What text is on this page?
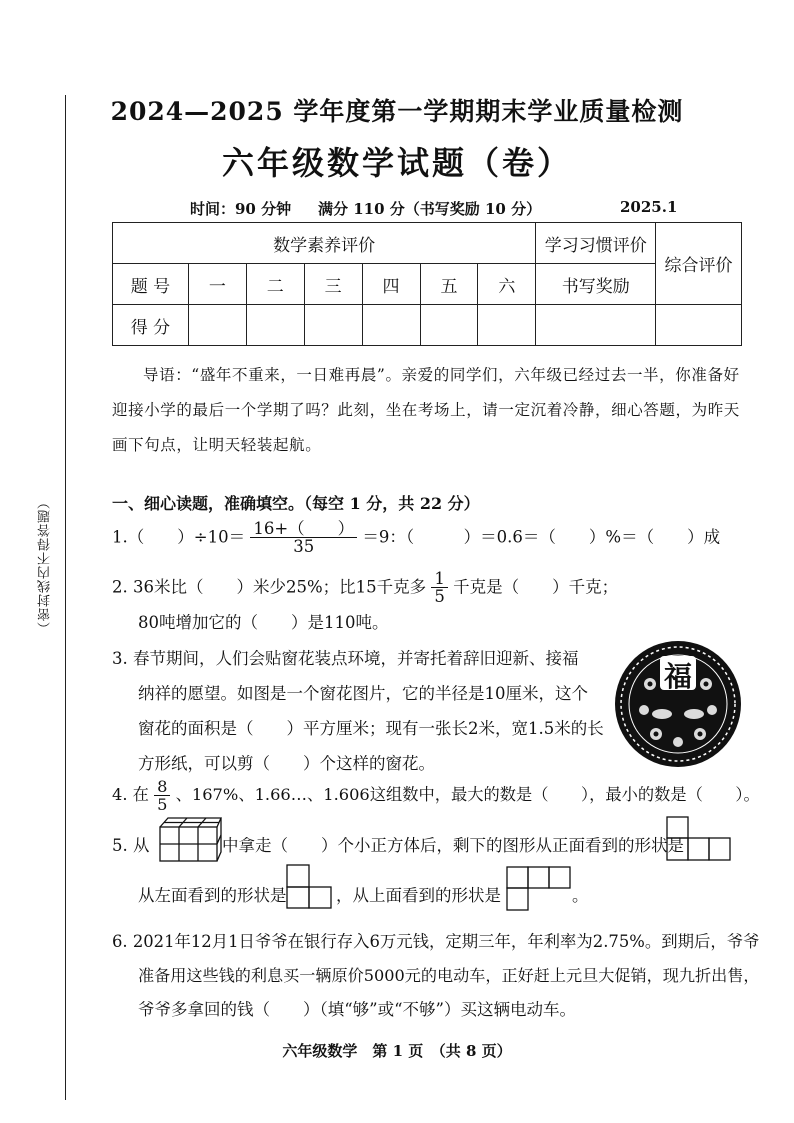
（密封线内不得答题）
2024—2025 学年度第一学期期末学业质量检测
六年级数学试题（卷）
时间：90 分钟 满分 110 分（书写奖励 10 分）	2025.1
数学素养评价							学习习惯评价	综合评价
题 号	一	二	三	四	五	六	书写奖励	
得 分								
导语：“盛年不重来，一日难再晨”。亲爱的同学们，六年级已经过去一半，你准备好迎接小学的最后一个学期了吗？此刻，坐在考场上，请一定沉着冷静，细心答题，为昨天画下句点，让明天轻装起航。
一、细心读题，准确填空。（每空 1 分，共 22 分）
1.（　　）$\div 10= \frac{16+( )}{35} =9$：（　　　）＝0.6＝（　　）%＝（　　）成
2. 36米比（　　）米少25%；比15千克多 $\frac{1}{5}$ 千克是（　　）千克；
80吨增加它的（　　）是110吨。
3. 春节期间，人们会贴窗花装点环境，并寄托着辞旧迎新、接福
纳祥的愿望。如图是一个窗花图片，它的半径是10厘米，这个
窗花的面积是（　　）平方厘米；现有一张长2米，宽1.5米的长
方形纸，可以剪（　　）个这样的窗花。
福
4. 在 $\frac{8}{5}$ 、167%、1.66…、1.606这组数中，最大的数是（　　），最小的数是（　　）。
5. 从	中拿走（　　）个小正方体后，剩下的图形从正面看到的形状是
从左面看到的形状是	，从上面看到的形状是	。
6. 2021年12月1日爷爷在银行存入6万元钱，定期三年，年利率为2.75%。到期后，爷爷
准备用这些钱的利息买一辆原价5000元的电动车，正好赶上元旦大促销，现九折出售，
爷爷多拿回的钱（　　）（填“够”或“不够”）买这辆电动车。
六年级数学　第 1 页　（共 8 页）
